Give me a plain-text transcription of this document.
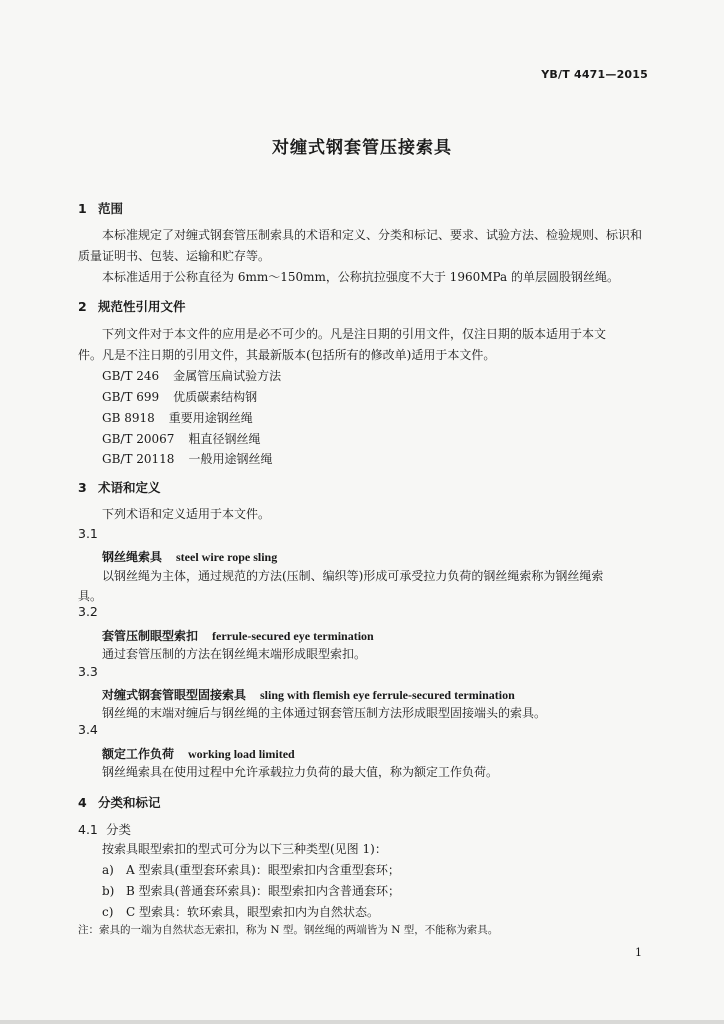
YB/T 4471—2015
对缠式钢套管压接索具
1 范围
本标准规定了对缠式钢套管压制索具的术语和定义、分类和标记、要求、试验方法、检验规则、标识和
质量证明书、包装、运输和贮存等。
本标准适用于公称直径为 6mm～150mm，公称抗拉强度不大于 1960MPa 的单层圆股钢丝绳。
2 规范性引用文件
下列文件对于本文件的应用是必不可少的。凡是注日期的引用文件，仅注日期的版本适用于本文
件。凡是不注日期的引用文件，其最新版本(包括所有的修改单)适用于本文件。
GB/T 246 金属管压扁试验方法
GB/T 699 优质碳素结构钢
GB 8918 重要用途钢丝绳
GB/T 20067 粗直径钢丝绳
GB/T 20118 一般用途钢丝绳
3 术语和定义
下列术语和定义适用于本文件。
3.1
钢丝绳索具 steel wire rope sling
以钢丝绳为主体，通过规范的方法(压制、编织等)形成可承受拉力负荷的钢丝绳索称为钢丝绳索
具。
3.2
套管压制眼型索扣 ferrule-secured eye termination
通过套管压制的方法在钢丝绳末端形成眼型索扣。
3.3
对缠式钢套管眼型固接索具 sling with flemish eye ferrule-secured termination
钢丝绳的末端对缠后与钢丝绳的主体通过钢套管压制方法形成眼型固接端头的索具。
3.4
额定工作负荷 working load limited
钢丝绳索具在使用过程中允许承载拉力负荷的最大值，称为额定工作负荷。
4 分类和标记
4.1 分类
按索具眼型索扣的型式可分为以下三种类型(见图 1)：
a) A 型索具(重型套环索具)：眼型索扣内含重型套环；
b) B 型索具(普通套环索具)：眼型索扣内含普通套环；
c) C 型索具：软环索具，眼型索扣内为自然状态。
注：索具的一端为自然状态无索扣，称为 N 型。钢丝绳的两端皆为 N 型，不能称为索具。
1
